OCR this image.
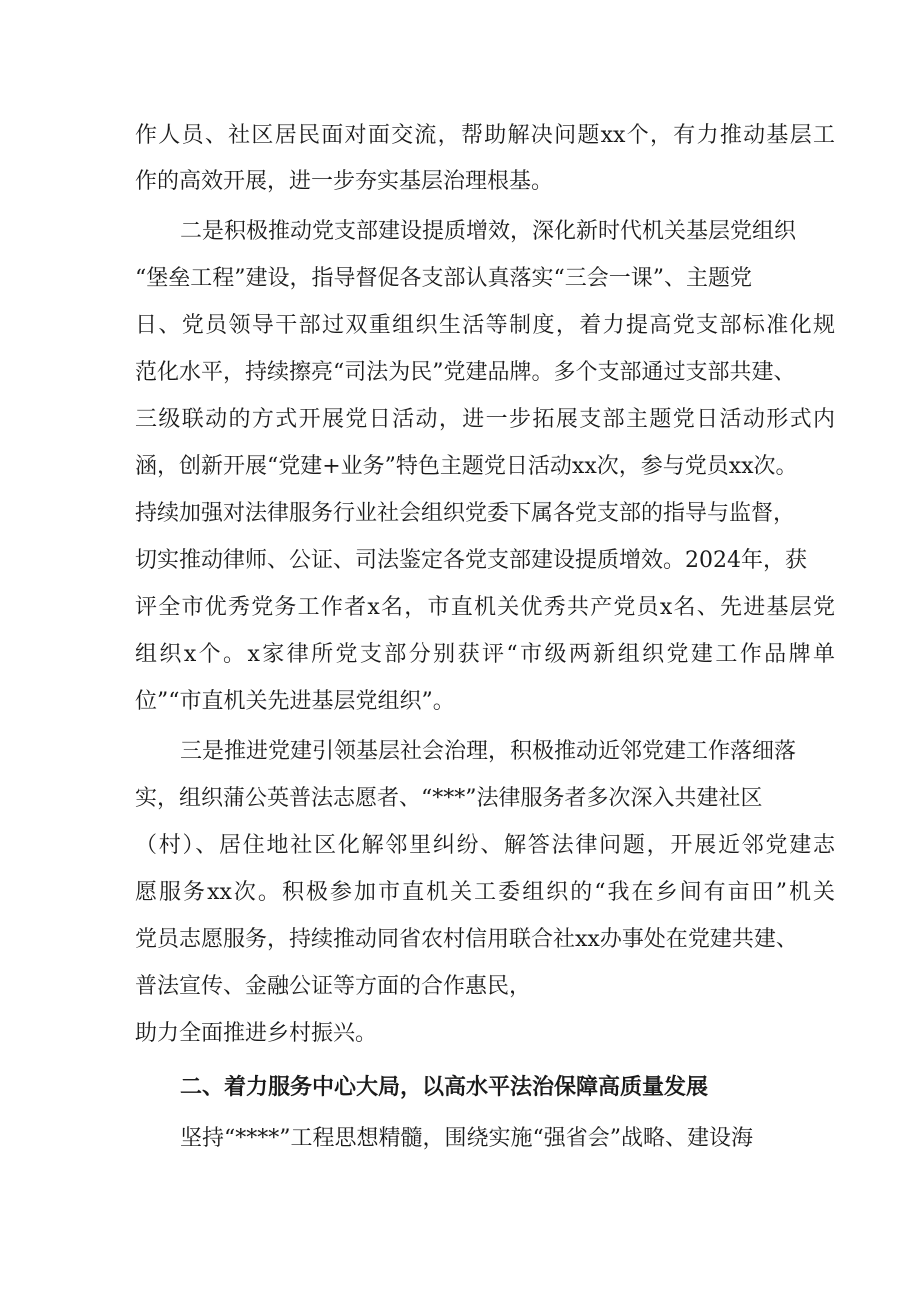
作人员、社区居民面对面交流，帮助解决问题xx个，有力推动基层工
作的高效开展，进一步夯实基层治理根基。
二是积极推动党支部建设提质增效，深化新时代机关基层党组织
“堡垒工程”建设，指导督促各支部认真落实“三会一课”、主题党
日、党员领导干部过双重组织生活等制度，着力提高党支部标准化规
范化水平，持续擦亮“司法为民”党建品牌。多个支部通过支部共建、
三级联动的方式开展党日活动，进一步拓展支部主题党日活动形式内
涵，创新开展“党建+业务”特色主题党日活动xx次，参与党员xx次。
持续加强对法律服务行业社会组织党委下属各党支部的指导与监督，
切实推动律师、公证、司法鉴定各党支部建设提质增效。2024年，获
评全市优秀党务工作者x名，市直机关优秀共产党员x名、先进基层党
组织x个。x家律所党支部分别获评“市级两新组织党建工作品牌单
位”“市直机关先进基层党组织”。
三是推进党建引领基层社会治理，积极推动近邻党建工作落细落
实，组织蒲公英普法志愿者、“***”法律服务者多次深入共建社区
（村）、居住地社区化解邻里纠纷、解答法律问题，开展近邻党建志
愿服务xx次。积极参加市直机关工委组织的“我在乡间有亩田”机关
党员志愿服务，持续推动同省农村信用联合社xx办事处在党建共建、
普法宣传、金融公证等方面的合作惠民，
助力全面推进乡村振兴。
二、着力服务中心大局，以高水平法治保障高质量发展
坚持“****”工程思想精髓，围绕实施“强省会”战略、建设海
